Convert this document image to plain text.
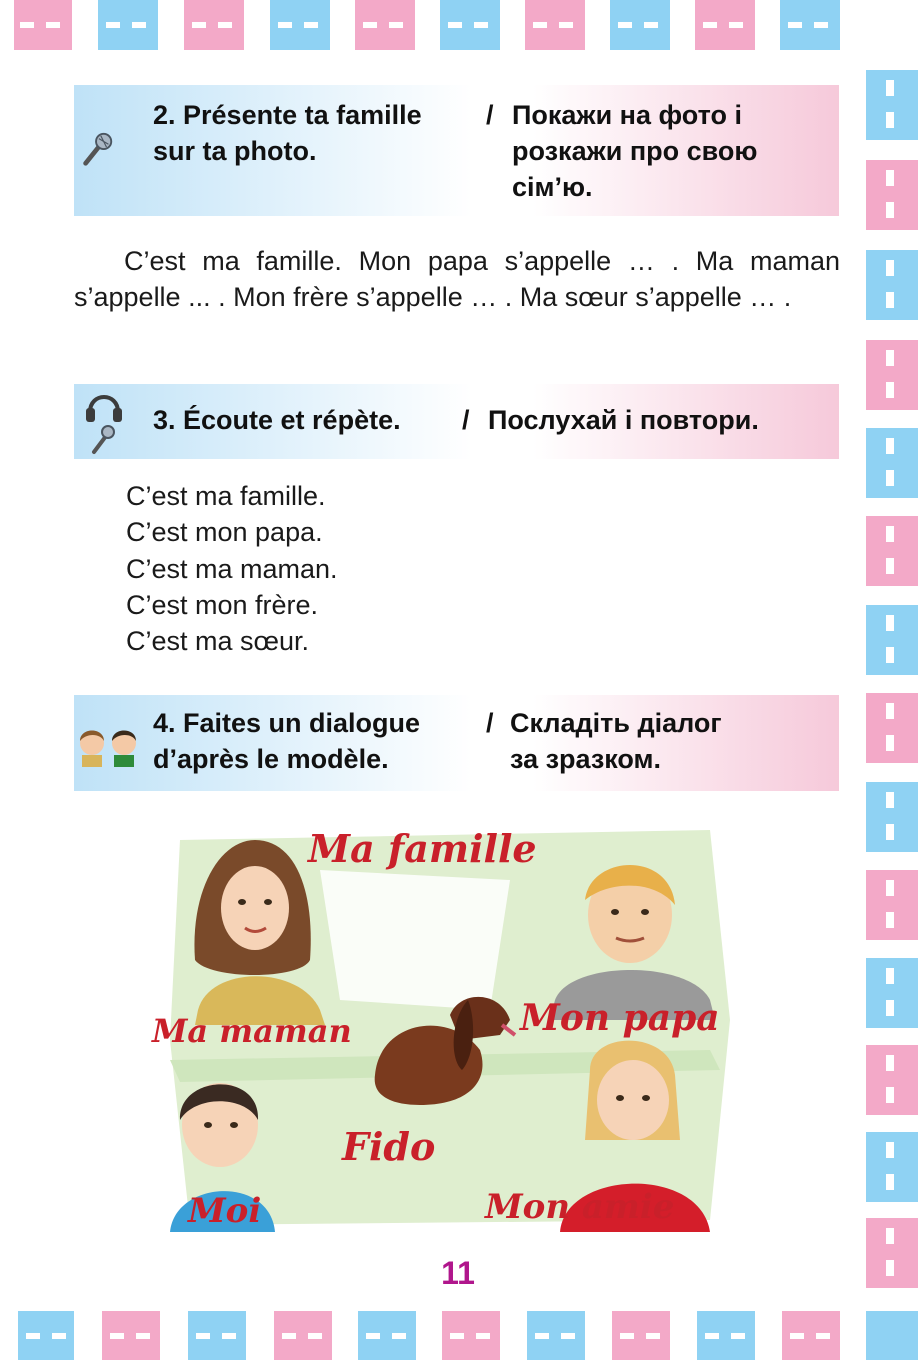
2. Présente ta famille
sur ta photo.
/ Покажи на фото і
розкажи про свою
сім’ю.
C’est ma famille. Mon papa s’appelle … . Ma maman s’appelle ... . Mon frère s’appelle … . Ma sœur s’appelle … .
3. Écoute et répète. / Послухай і повтори.
C’est ma famille.
C’est mon papa.
C’est ma maman.
C’est mon frère.
C’est ma sœur.
4. Faites un dialogue
d’après le modèle.
/ Складіть діалог
за зразком.
Ma famille
Ma maman	Mon papa
Fido
Moi	Mon amie
11
